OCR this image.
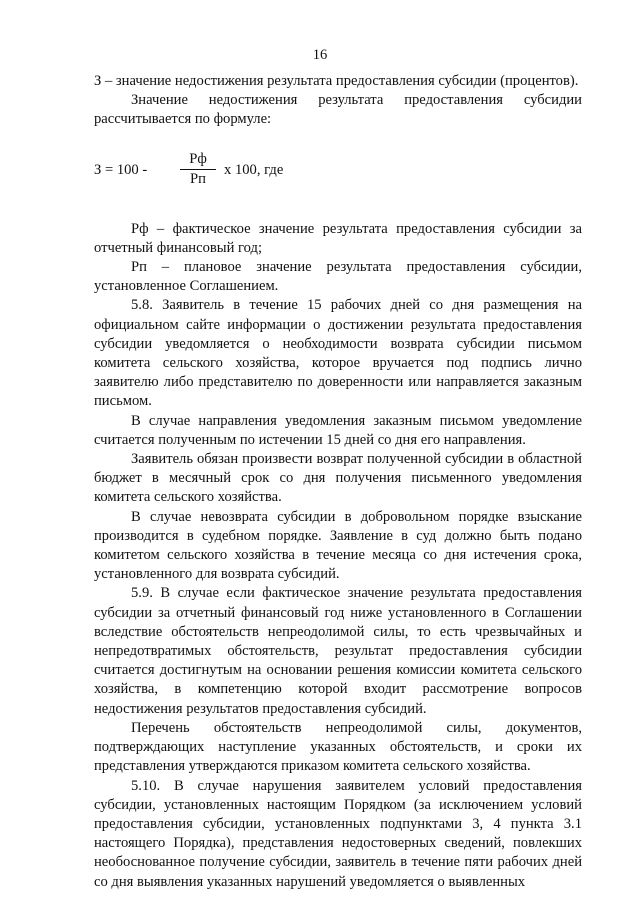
16

З – значение недостижения результата предоставления субсидии (процентов).

Значение недостижения результата предоставления субсидии рассчитывается по формуле:

З = 100 -
Рф
Рп
х 100, где

Рф – фактическое значение результата предоставления субсидии за отчетный финансовый год;

Рп – плановое значение результата предоставления субсидии, установленное Соглашением.

5.8. Заявитель в течение 15 рабочих дней со дня размещения на официальном сайте информации о достижении результата предоставления субсидии уведомляется о необходимости возврата субсидии письмом комитета сельского хозяйства, которое вручается под подпись лично заявителю либо представителю по доверенности или направляется заказным письмом.

В случае направления уведомления заказным письмом уведомление считается полученным по истечении 15 дней со дня его направления.

Заявитель обязан произвести возврат полученной субсидии в областной бюджет в месячный срок со дня получения письменного уведомления комитета сельского хозяйства.

В случае невозврата субсидии в добровольном порядке взыскание производится в судебном порядке. Заявление в суд должно быть подано комитетом сельского хозяйства в течение месяца со дня истечения срока, установленного для возврата субсидий.

5.9. В случае если фактическое значение результата предоставления субсидии за отчетный финансовый год ниже установленного в Соглашении вследствие обстоятельств непреодолимой силы, то есть чрезвычайных и непредотвратимых обстоятельств, результат предоставления субсидии считается достигнутым на основании решения комиссии комитета сельского хозяйства, в компетенцию которой входит рассмотрение вопросов недостижения результатов предоставления субсидий.

Перечень обстоятельств непреодолимой силы, документов, подтверждающих наступление указанных обстоятельств, и сроки их представления утверждаются приказом комитета сельского хозяйства.

5.10. В случае нарушения заявителем условий предоставления субсидии, установленных настоящим Порядком (за исключением условий предоставления субсидии, установленных подпунктами 3, 4 пункта 3.1 настоящего Порядка), представления недостоверных сведений, повлекших необоснованное получение субсидии, заявитель в течение пяти рабочих дней со дня выявления указанных нарушений уведомляется о выявленных
